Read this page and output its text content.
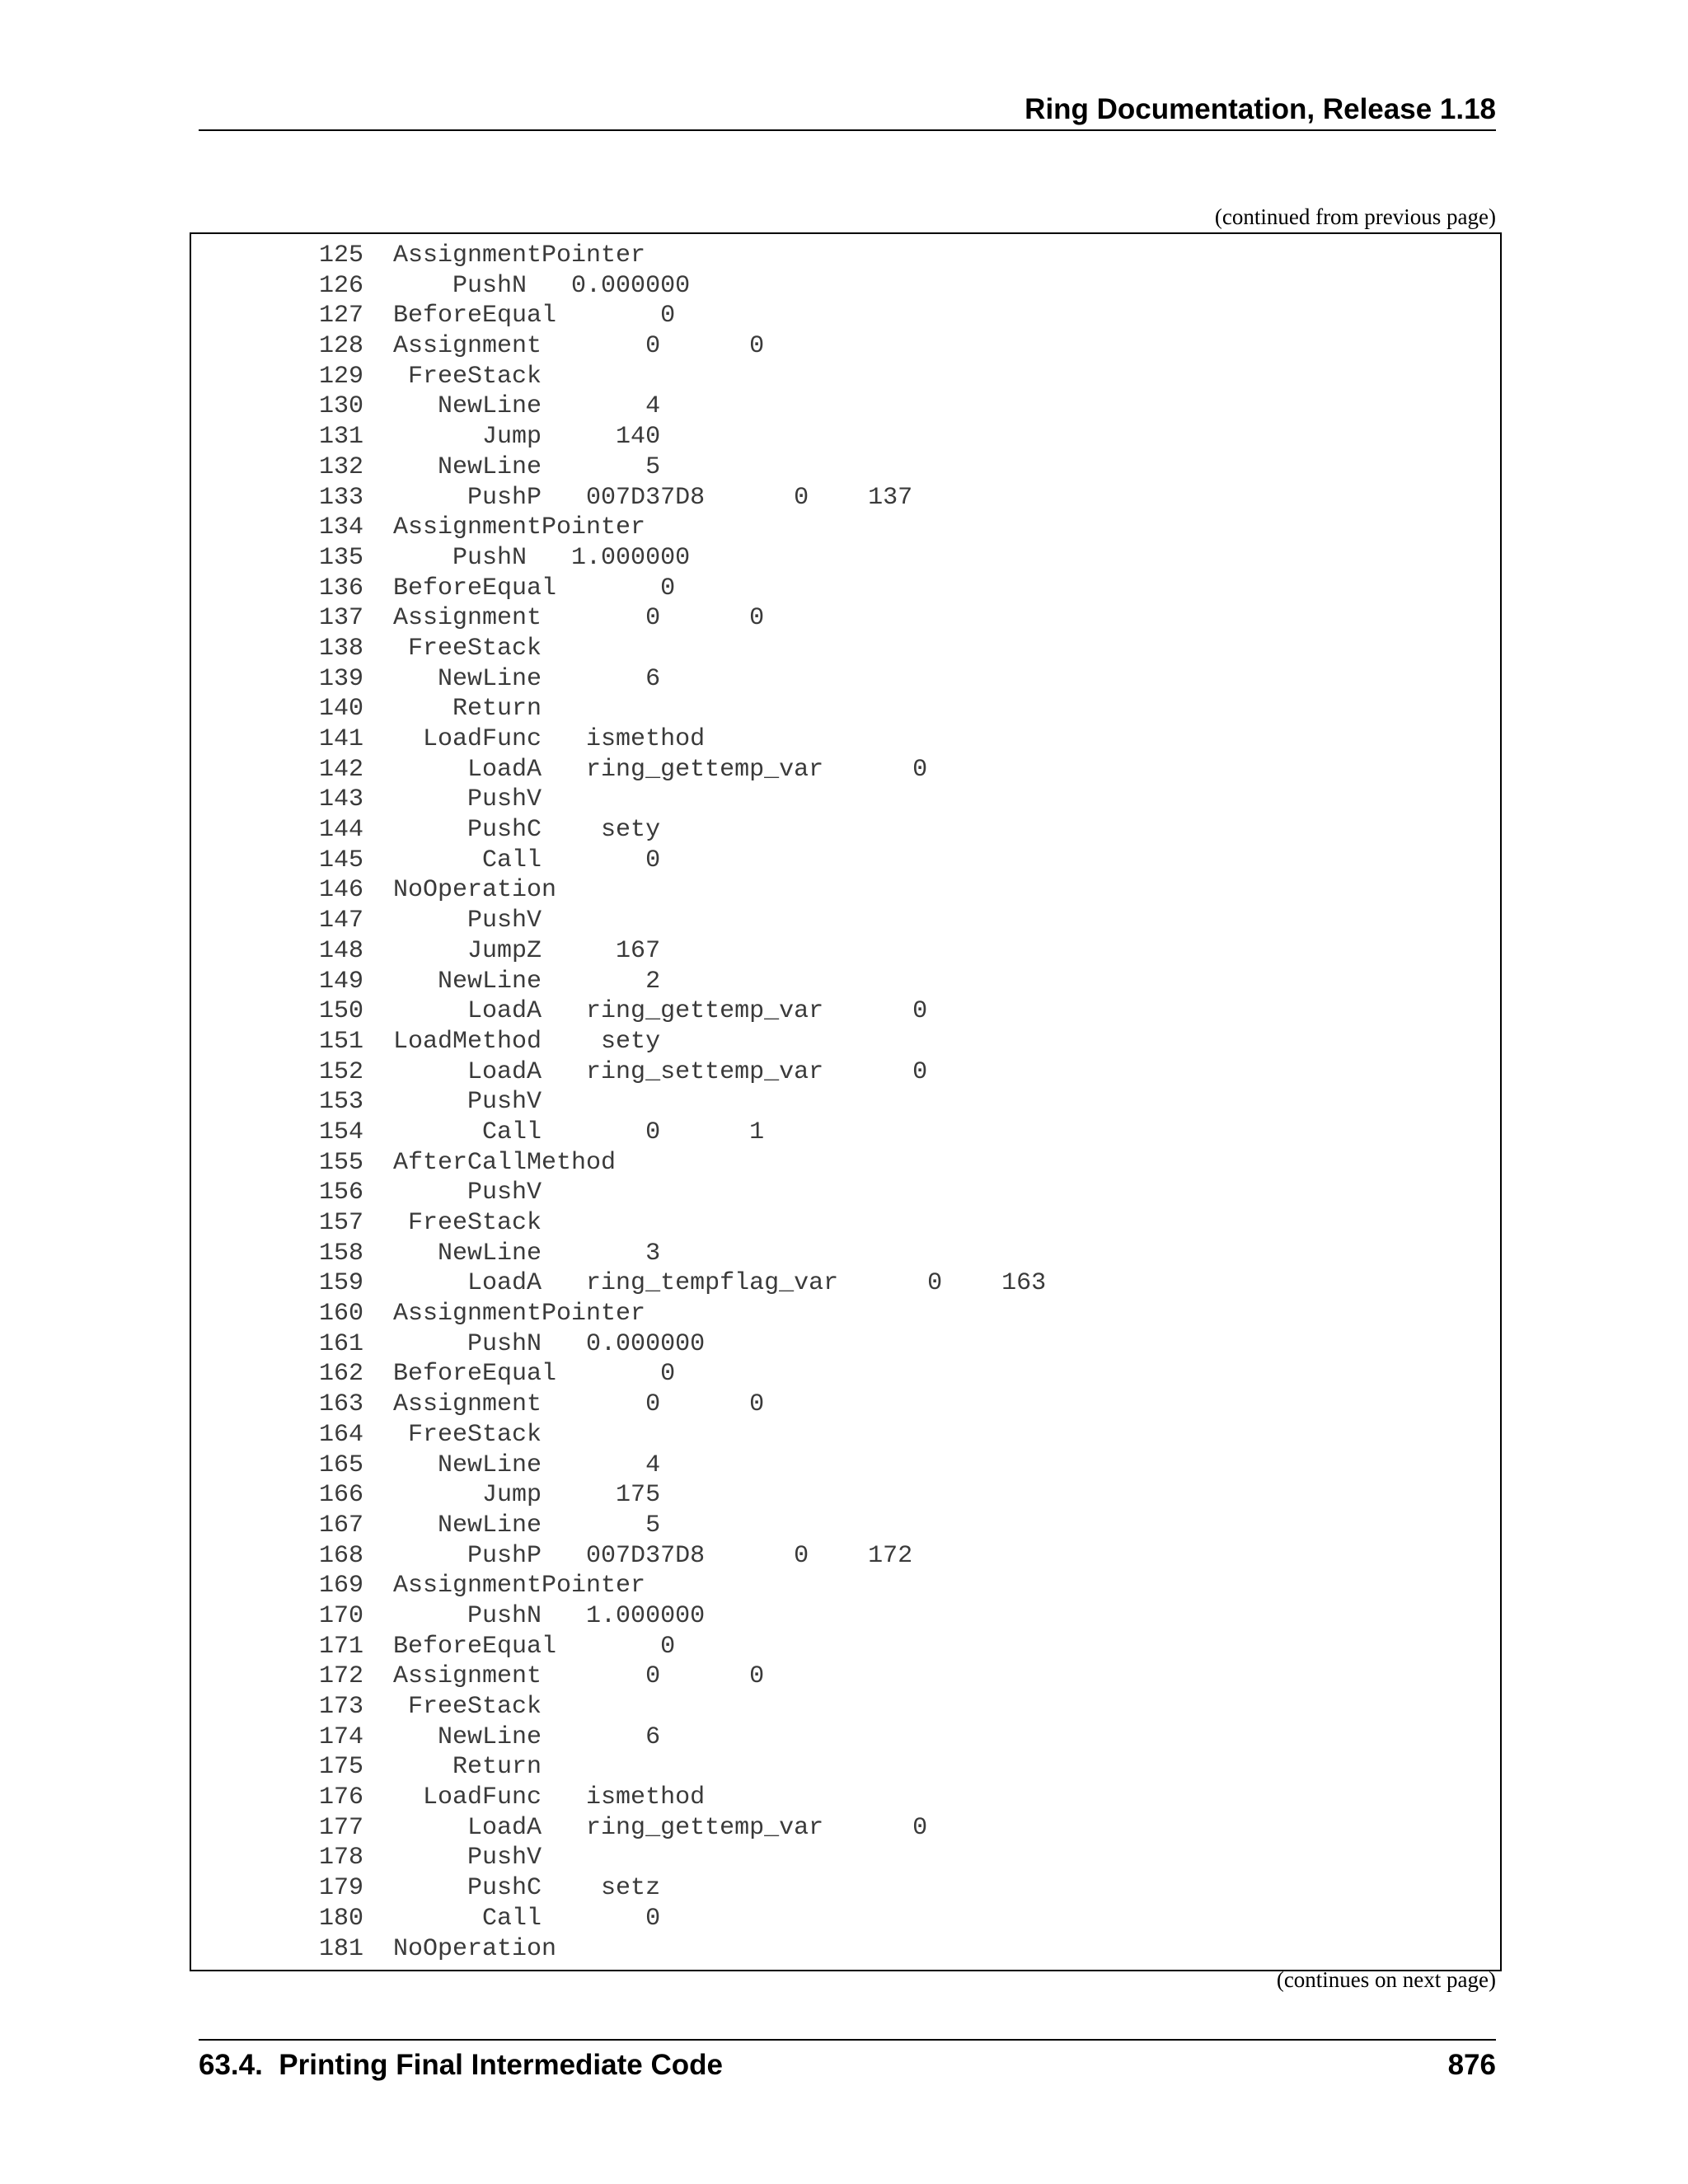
Ring Documentation, Release 1.18
(continued from previous page)
125  AssignmentPointer
126      PushN   0.000000
127  BeforeEqual       0
128  Assignment       0      0
129   FreeStack
130     NewLine       4
131        Jump     140
132     NewLine       5
133       PushP   007D37D8      0    137
134  AssignmentPointer
135      PushN   1.000000
136  BeforeEqual       0
137  Assignment       0      0
138   FreeStack
139     NewLine       6
140      Return
141    LoadFunc   ismethod
142       LoadA   ring_gettemp_var      0
143       PushV
144       PushC    sety
145        Call       0
146  NoOperation
147       PushV
148       JumpZ     167
149     NewLine       2
150       LoadA   ring_gettemp_var      0
151  LoadMethod    sety
152       LoadA   ring_settemp_var      0
153       PushV
154        Call       0      1
155  AfterCallMethod
156       PushV
157   FreeStack
158     NewLine       3
159       LoadA   ring_tempflag_var      0    163
160  AssignmentPointer
161       PushN   0.000000
162  BeforeEqual       0
163  Assignment       0      0
164   FreeStack
165     NewLine       4
166        Jump     175
167     NewLine       5
168       PushP   007D37D8      0    172
169  AssignmentPointer
170       PushN   1.000000
171  BeforeEqual       0
172  Assignment       0      0
173   FreeStack
174     NewLine       6
175      Return
176    LoadFunc   ismethod
177       LoadA   ring_gettemp_var      0
178       PushV
179       PushC    setz
180        Call       0
181  NoOperation
(continues on next page)
63.4.  Printing Final Intermediate Code	876
